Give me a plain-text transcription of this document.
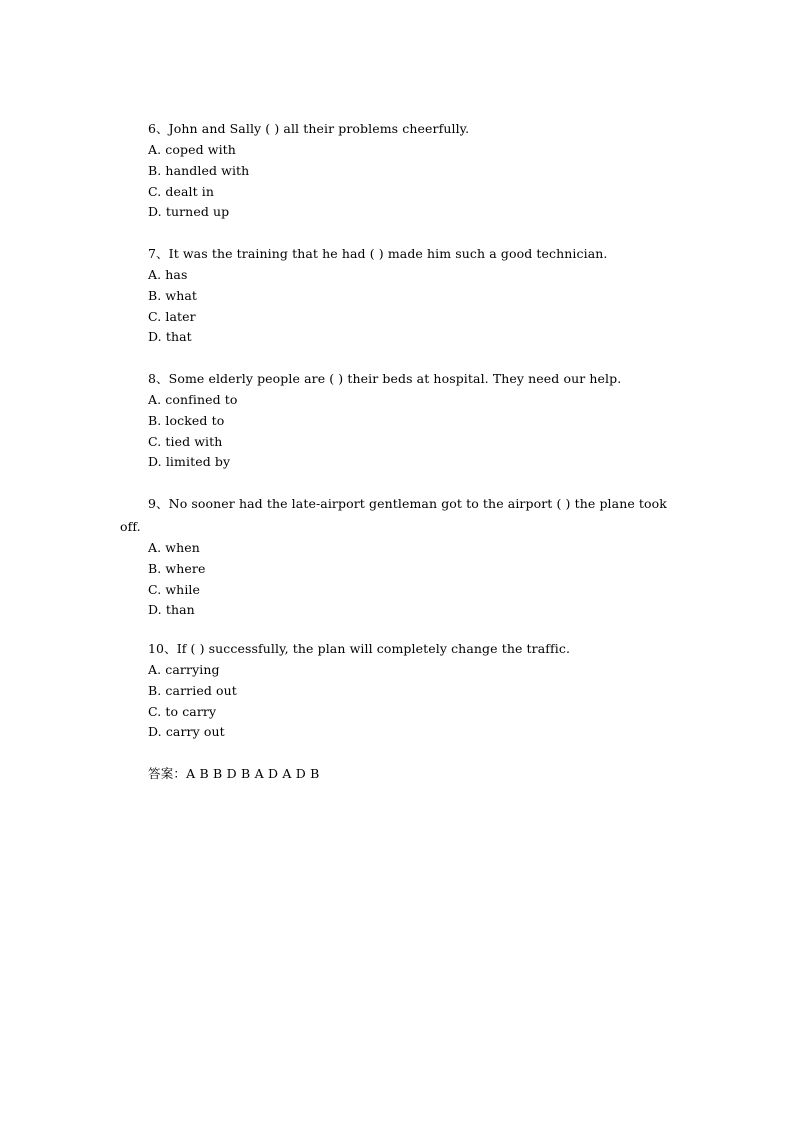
6、John and Sally ( ) all their problems cheerfully.

A. coped with
B. handled with
C. dealt in
D. turned up

7、It was the training that he had ( ) made him such a good technician.

A. has
B. what
C. later
D. that

8、Some elderly people are ( ) their beds at hospital. They need our help.

A. confined to
B. locked to
C. tied with
D. limited by

9、No sooner had the late-airport gentleman got to the airport ( ) the plane took off.

A. when
B. where
C. while
D. than

10、If ( ) successfully, the plan will completely change the traffic.

A. carrying
B. carried out
C. to carry
D. carry out
答案：A B B D B A D A D B
